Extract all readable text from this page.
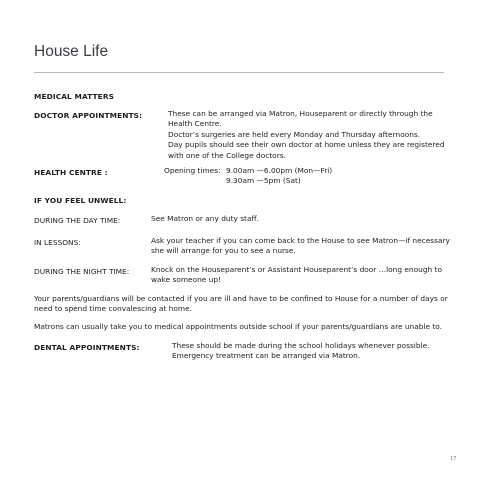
House Life
MEDICAL MATTERS
DOCTOR APPOINTMENTS:	These can be arranged via Matron, Houseparent or directly through the
Health Centre.
Doctor’s surgeries are held every Monday and Thursday afternoons.
Day pupils should see their own doctor at home unless they are registered
with one of the College doctors.
HEALTH CENTRE :	Opening times: 9.00am —6.00pm (Mon—Fri)
9.30am —5pm (Sat)
IF YOU FEEL UNWELL:
DURING THE DAY TIME:	See Matron or any duty staff.
IN LESSONS:	Ask your teacher if you can come back to the House to see Matron—if necessary
she will arrange for you to see a nurse.
DURING THE NIGHT TIME:	Knock on the Houseparent’s or Assistant Houseparent’s door …long enough to
wake someone up!
Your parents/guardians will be contacted if you are ill and have to be confined to House for a number of days or
need to spend time convalescing at home.
Matrons can usually take you to medical appointments outside school if your parents/guardians are unable to.
DENTAL APPOINTMENTS:	These should be made during the school holidays whenever possible.
Emergency treatment can be arranged via Matron.
17
